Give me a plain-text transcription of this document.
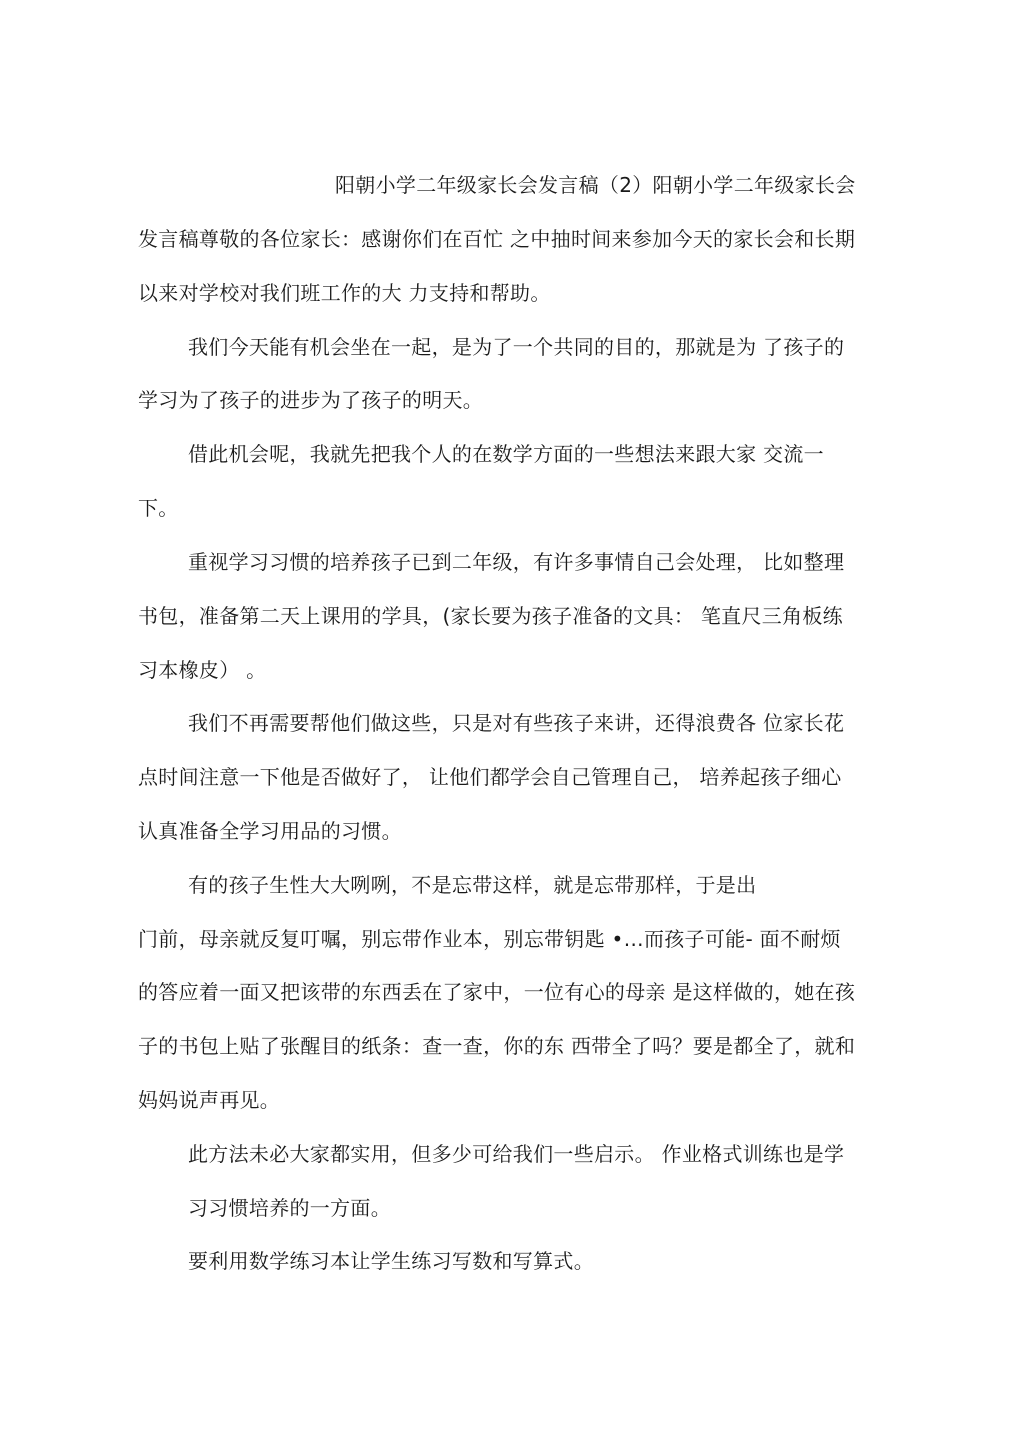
阳朝小学二年级家长会发言稿（2）阳朝小学二年级家长会
发言稿尊敬的各位家长：感谢你们在百忙 之中抽时间来参加今天的家长会和长期
以来对学校对我们班工作的大 力支持和帮助。
我们今天能有机会坐在一起，是为了一个共同的目的，那就是为 了孩子的
学习为了孩子的进步为了孩子的明天。
借此机会呢，我就先把我个人的在数学方面的一些想法来跟大家 交流一
下。
重视学习习惯的培养孩子已到二年级，有许多事情自己会处理， 比如整理
书包，准备第二天上课用的学具，(家长要为孩子准备的文具： 笔直尺三角板练
习本橡皮） 。
我们不再需要帮他们做这些，只是对有些孩子来讲，还得浪费各 位家长花
点时间注意一下他是否做好了， 让他们都学会自己管理自己， 培养起孩子细心
认真准备全学习用品的习惯。
有的孩子生性大大咧咧，不是忘带这样，就是忘带那样，于是出
门前，母亲就反复叮嘱，别忘带作业本，别忘带钥匙 •…而孩子可能- 面不耐烦
的答应着一面又把该带的东西丢在了家中，一位有心的母亲 是这样做的，她在孩
子的书包上贴了张醒目的纸条：查一查，你的东 西带全了吗？要是都全了，就和
妈妈说声再见。
此方法未必大家都实用，但多少可给我们一些启示。 作业格式训练也是学
习习惯培养的一方面。
要利用数学练习本让学生练习写数和写算式。
